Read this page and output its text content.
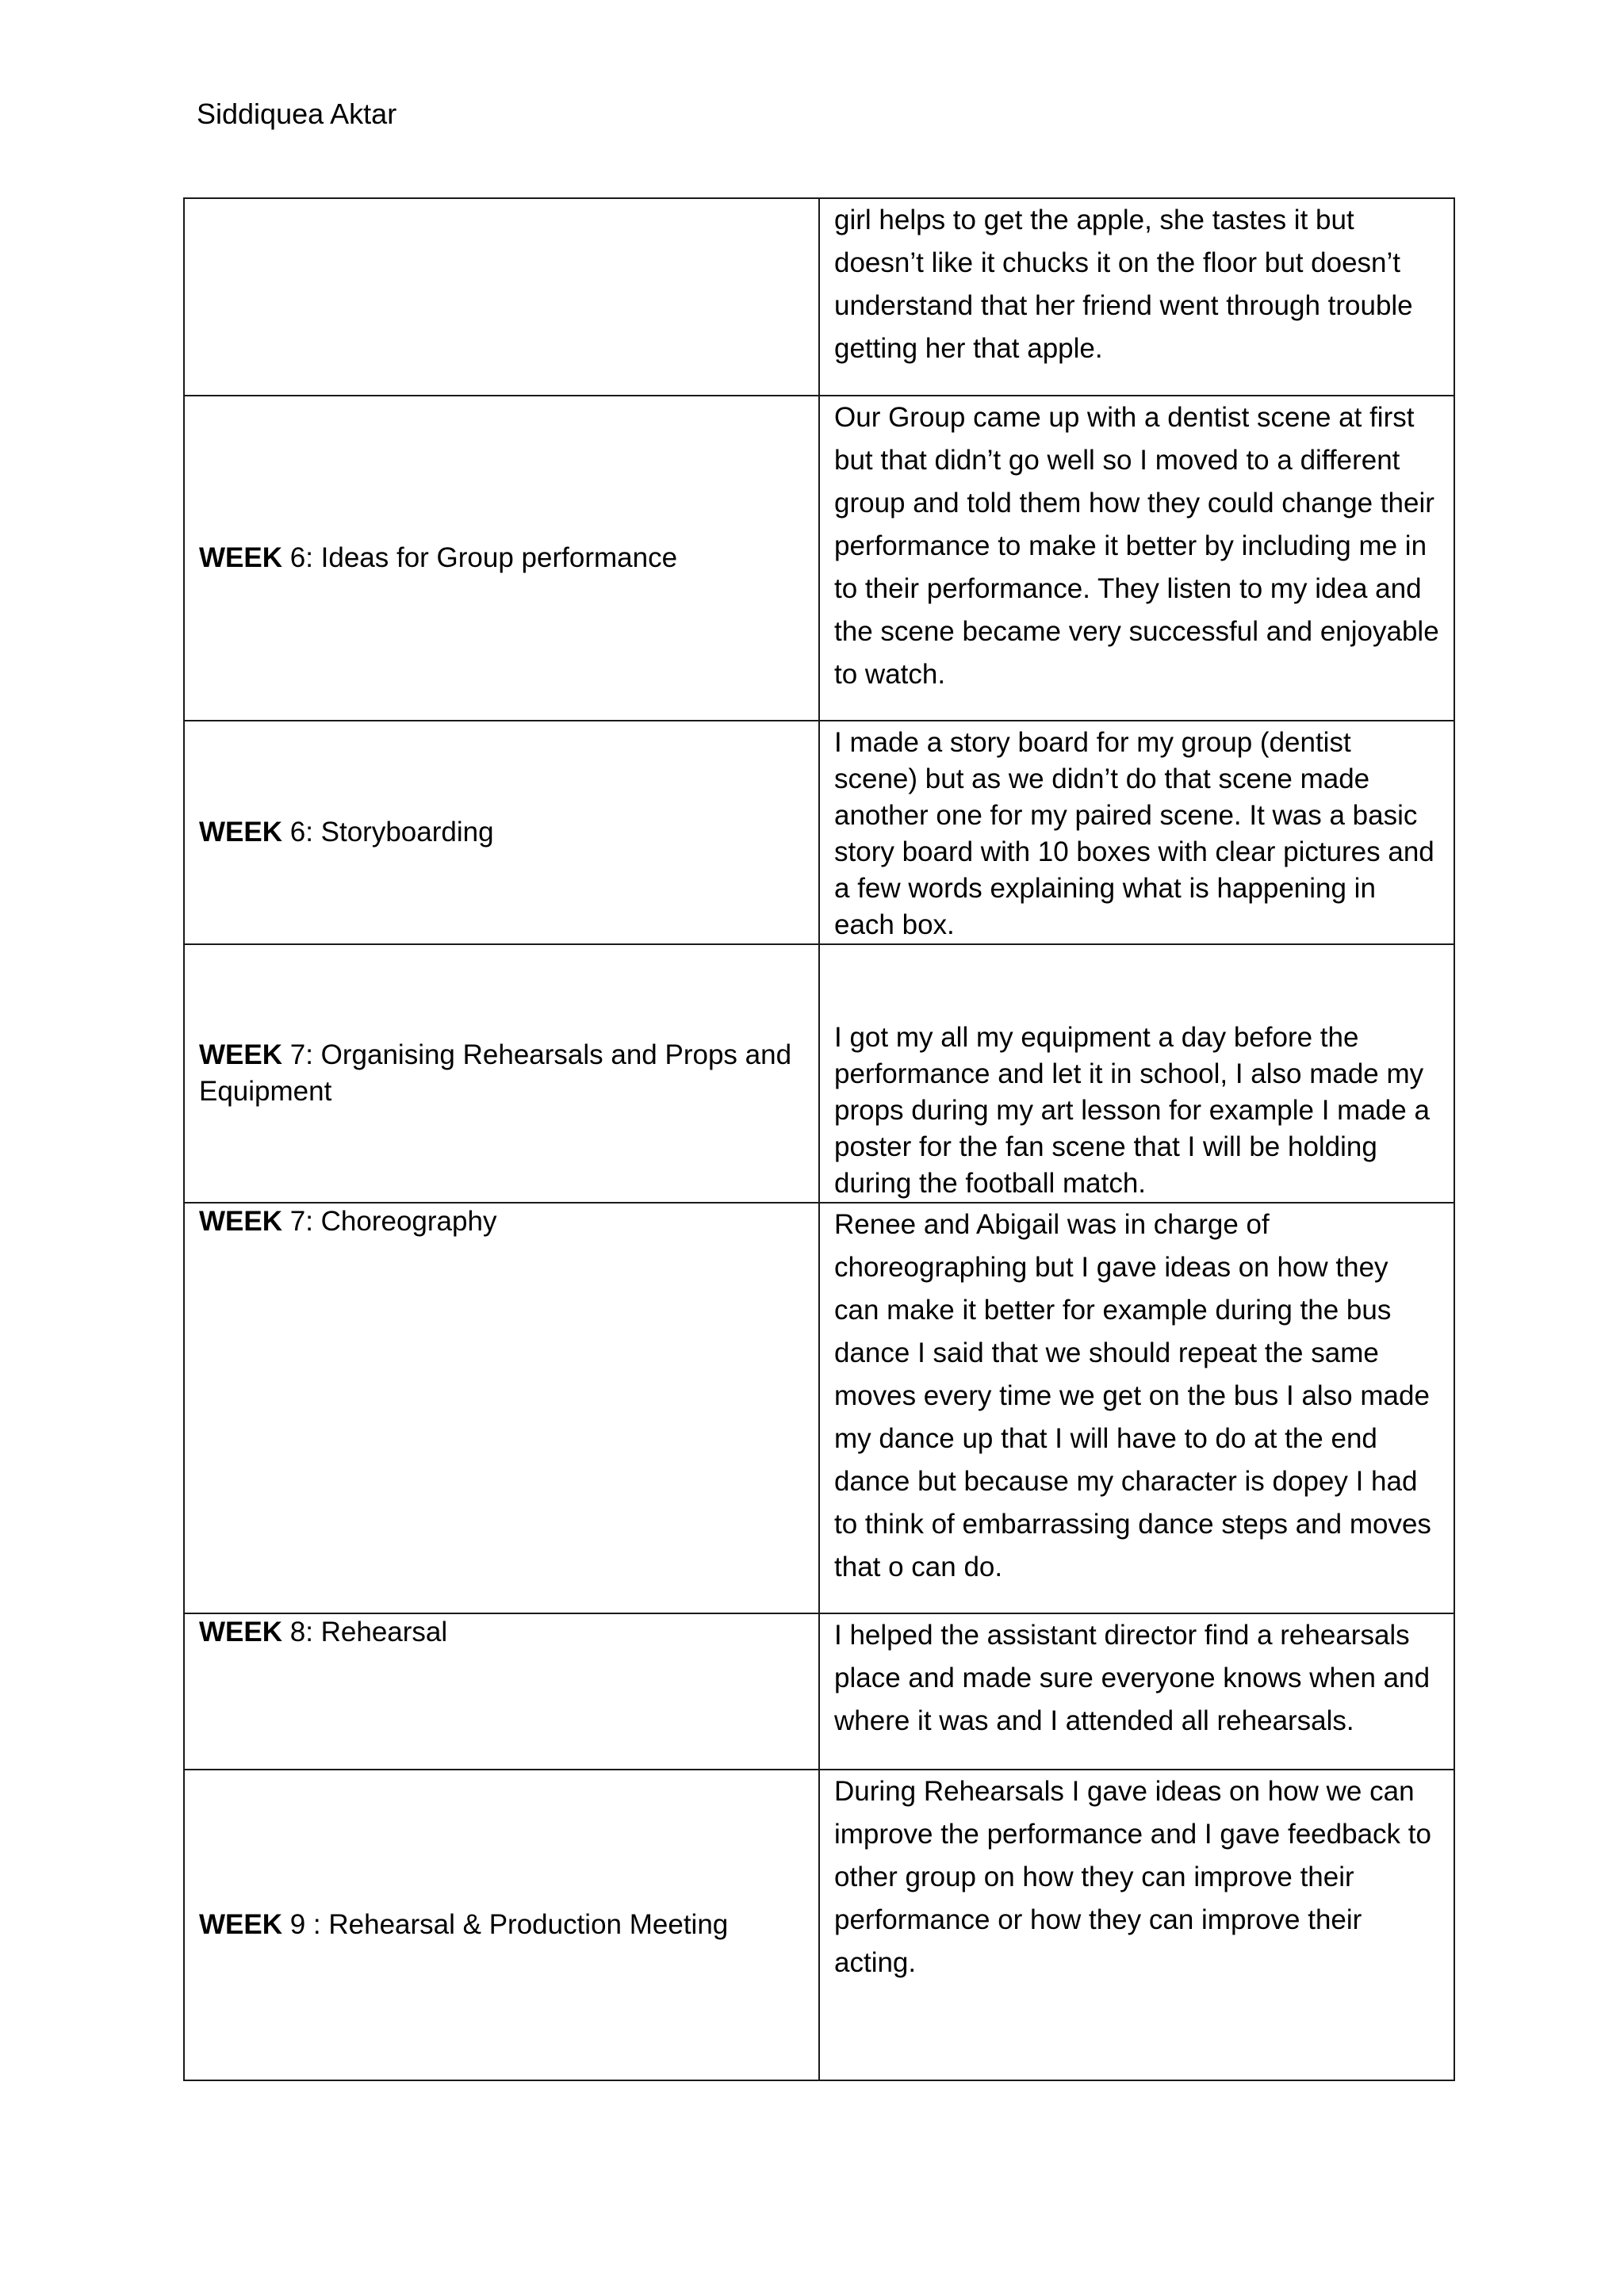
Siddiquea Aktar
	girl helps to get the apple, she tastes it but doesn’t like it chucks it on the floor but doesn’t understand that her friend went through trouble getting her that apple.
WEEK 6: Ideas for Group performance	Our Group came up with a dentist scene at first but that didn’t go well so I moved to a different group and told them how they could change their performance to make it better by including me in to their performance. They listen to my idea and the scene became very successful and enjoyable to watch.
WEEK 6: Storyboarding	I made a story board for my group (dentist scene) but as we didn’t do that scene made another one for my paired scene. It was a basic story board with 10 boxes with clear pictures and a few words explaining what is happening in each box.
WEEK 7: Organising Rehearsals and Props and Equipment	I got my all my equipment a day before the performance and let it in school, I also made my props during my art lesson for example I made a poster for the fan scene that I will be holding during the football match.
WEEK 7: Choreography	Renee and Abigail was in charge of choreographing but I gave ideas on how they can make it better for example during the bus dance I said that we should repeat the same moves every time we get on the bus I also made my dance up that I will have to do at the end dance but because my character is dopey I had to think of embarrassing dance steps and moves that o can do.
WEEK 8: Rehearsal	I helped the assistant director find a rehearsals place and made sure everyone knows when and where it was and I attended all rehearsals.
WEEK 9 : Rehearsal & Production Meeting	During Rehearsals I gave ideas on how we can improve the performance and I gave feedback to other group on how they can improve their performance or how they can improve their acting.
